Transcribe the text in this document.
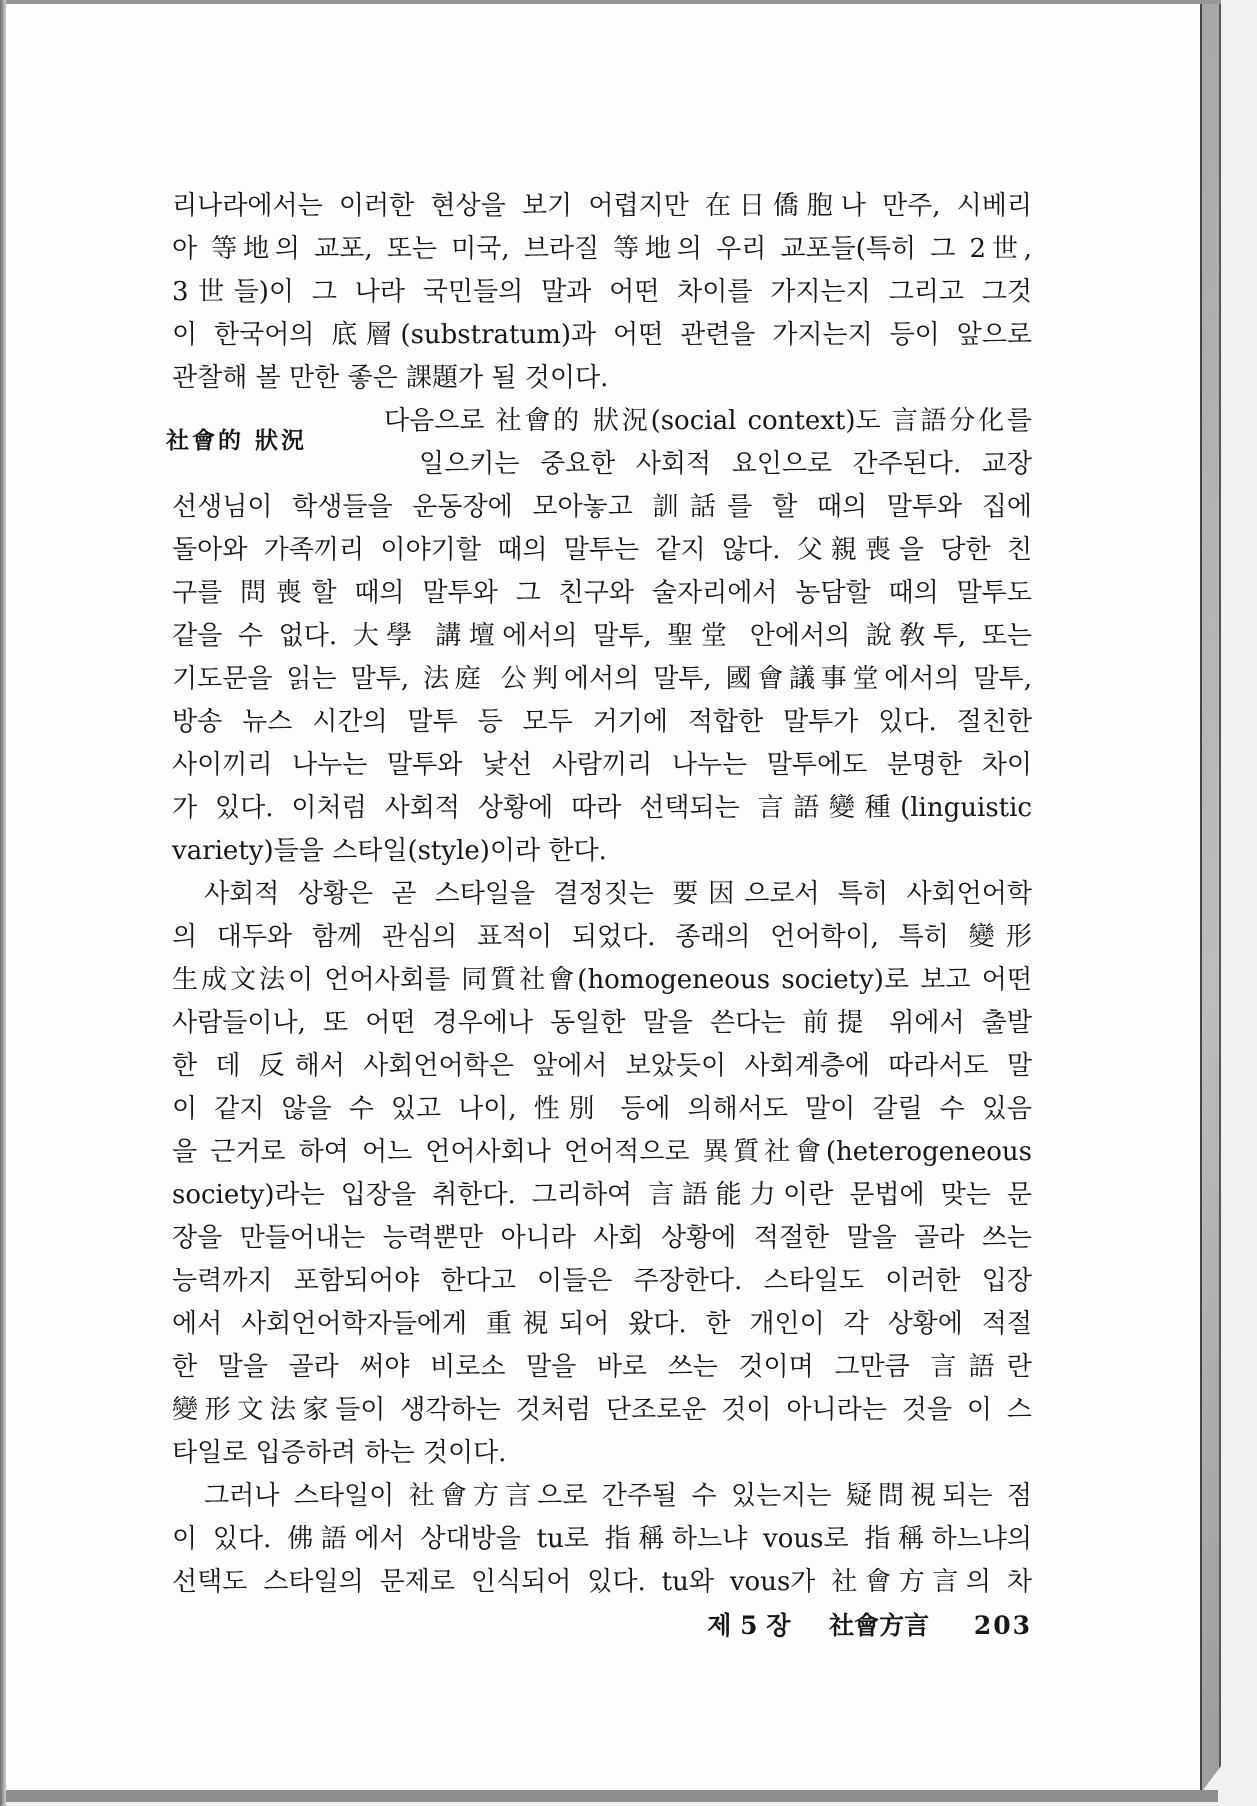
리나라에서는 이러한 현상을 보기 어렵지만 在日僑胞나 만주, 시베리
아 等地의 교포, 또는 미국, 브라질 等地의 우리 교포들(특히 그 2世,
3世들)이 그 나라 국민들의 말과 어떤 차이를 가지는지 그리고 그것
이 한국어의 底層(substratum)과 어떤 관련을 가지는지 등이 앞으로
관찰해 볼 만한 좋은 課題가 될 것이다.
다음으로 社會的 狀況(social context)도 言語分化를
일으키는 중요한 사회적 요인으로 간주된다. 교장
선생님이 학생들을 운동장에 모아놓고 訓話를 할 때의 말투와 집에
돌아와 가족끼리 이야기할 때의 말투는 같지 않다. 父親喪을 당한 친
구를 問喪할 때의 말투와 그 친구와 술자리에서 농담할 때의 말투도
같을 수 없다. 大學 講壇에서의 말투, 聖堂 안에서의 說敎투, 또는
기도문을 읽는 말투, 法庭 公判에서의 말투, 國會議事堂에서의 말투,
방송 뉴스 시간의 말투 등 모두 거기에 적합한 말투가 있다. 절친한
사이끼리 나누는 말투와 낯선 사람끼리 나누는 말투에도 분명한 차이
가 있다. 이처럼 사회적 상황에 따라 선택되는 言語變種(linguistic
variety)들을 스타일(style)이라 한다.
社會的 狀況
사회적 상황은 곧 스타일을 결정짓는 要因으로서 특히 사회언어학
의 대두와 함께 관심의 표적이 되었다. 종래의 언어학이, 특히 變形
生成文法이 언어사회를 同質社會(homogeneous society)로 보고 어떤
사람들이나, 또 어떤 경우에나 동일한 말을 쓴다는 前提 위에서 출발
한 데 反해서 사회언어학은 앞에서 보았듯이 사회계층에 따라서도 말
이 같지 않을 수 있고 나이, 性別 등에 의해서도 말이 갈릴 수 있음
을 근거로 하여 어느 언어사회나 언어적으로 異質社會(heterogeneous
society)라는 입장을 취한다. 그리하여 言語能力이란 문법에 맞는 문
장을 만들어내는 능력뿐만 아니라 사회 상황에 적절한 말을 골라 쓰는
능력까지 포함되어야 한다고 이들은 주장한다. 스타일도 이러한 입장
에서 사회언어학자들에게 重視되어 왔다. 한 개인이 각 상황에 적절
한 말을 골라 써야 비로소 말을 바로 쓰는 것이며 그만큼 言語란
變形文法家들이 생각하는 것처럼 단조로운 것이 아니라는 것을 이 스
타일로 입증하려 하는 것이다.
그러나 스타일이 社會方言으로 간주될 수 있는지는 疑問視되는 점
이 있다. 佛語에서 상대방을 tu로 指稱하느냐 vous로 指稱하느냐의
선택도 스타일의 문제로 인식되어 있다. tu와 vous가 社會方言의 차
제 5 장 社會方言 203
